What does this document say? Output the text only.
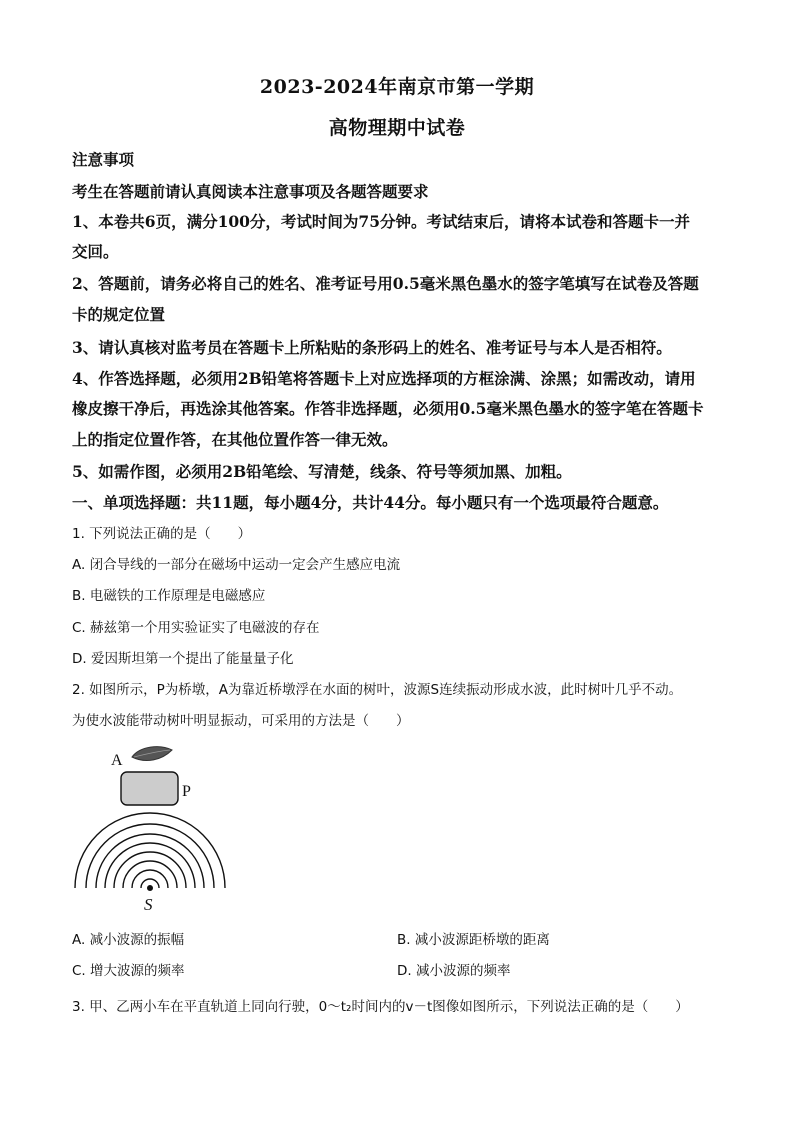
2023-2024年南京市第一学期
高物理期中试卷
注意事项
考生在答题前请认真阅读本注意事项及各题答题要求
1、本卷共6页，满分100分，考试时间为75分钟。考试结束后，请将本试卷和答题卡一并
交回。
2、答题前，请务必将自己的姓名、准考证号用0.5毫米黑色墨水的签字笔填写在试卷及答题
卡的规定位置
3、请认真核对监考员在答题卡上所粘贴的条形码上的姓名、准考证号与本人是否相符。
4、作答选择题，必须用2B铅笔将答题卡上对应选择项的方框涂满、涂黑；如需改动，请用
橡皮擦干净后，再选涂其他答案。作答非选择题，必须用0.5毫米黑色墨水的签字笔在答题卡
上的指定位置作答，在其他位置作答一律无效。
5、如需作图，必须用2B铅笔绘、写清楚，线条、符号等须加黑、加粗。
一、单项选择题：共11题，每小题4分，共计44分。每小题只有一个选项最符合题意。
1. 下列说法正确的是（　　）
A. 闭合导线的一部分在磁场中运动一定会产生感应电流
B. 电磁铁的工作原理是电磁感应
C. 赫兹第一个用实验证实了电磁波的存在
D. 爱因斯坦第一个提出了能量量子化
2. 如图所示，P为桥墩，A为靠近桥墩浮在水面的树叶，波源S连续振动形成水波，此时树叶几乎不动。
为使水波能带动树叶明显振动，可采用的方法是（　　）
A
P
S
A. 减小波源的振幅	B. 减小波源距桥墩的距离
C. 增大波源的频率	D. 减小波源的频率
3. 甲、乙两小车在平直轨道上同向行驶，0～t₂时间内的v－t图像如图所示，下列说法正确的是（　　）
